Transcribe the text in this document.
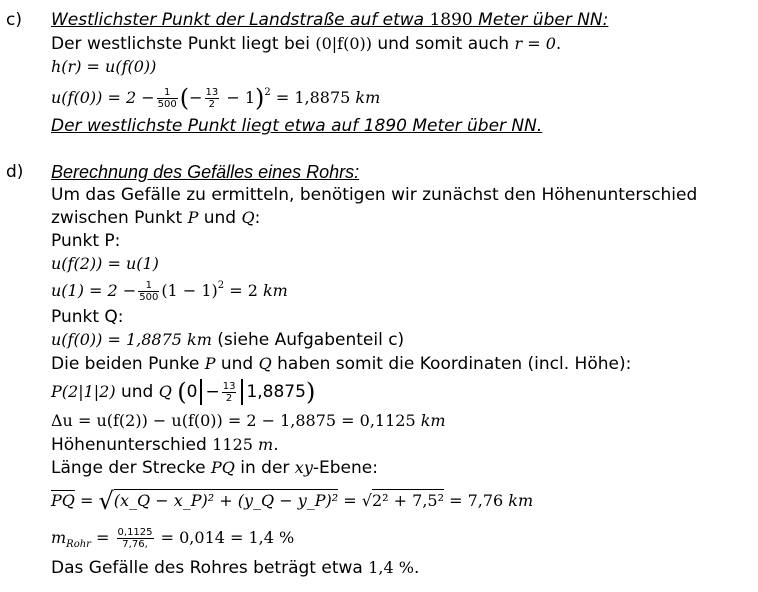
c) Westlichster Punkt der Landstraße auf etwa 1890 Meter über NN:
Der westlichste Punkt liegt bei (0|f(0)) und somit auch r = 0.
h(r) = u(f(0))
$u(f(0)) = 2 - \frac{1}{500}$ (− $\frac{13}{2} - 1)^2 = 1,8875$ km
Der westlichste Punkt liegt etwa auf 1890 Meter über NN.
d) Berechnung des Gefälles eines Rohrs:
Um das Gefälle zu ermitteln, benötigen wir zunächst den Höhenunterschied
zwischen Punkt P und Q:
Punkt P:
u(f(2)) = u(1)
$u(1) = 2 - \frac{1}{500} (1 - 1)^2 = 2$ km
Punkt Q:
u(f(0)) = 1,8875 km (siehe Aufgabenteil c)
Die beiden Punke P und Q haben somit die Koordinaten (incl. Höhe):
P(2|1|2) und Q $(0 - \frac{13}{2} 1,8875)$
Δu = u(f(2)) − u(f(0)) = 2 − 1,8875 = 0,1125 km
Höhenunterschied 1125 m.
Länge der Strecke PQ in der xy-Ebene:
$\overline{PQ}$ = √(x_Q − x_P)² + (y_Q − y_P)² = √2² + 7,5² = 7,76 km
$m_{Rohr} = \frac{0,1125}{7,76,} = 0,014 = 1,4$ %
Das Gefälle des Rohres beträgt etwa 1,4 %.
